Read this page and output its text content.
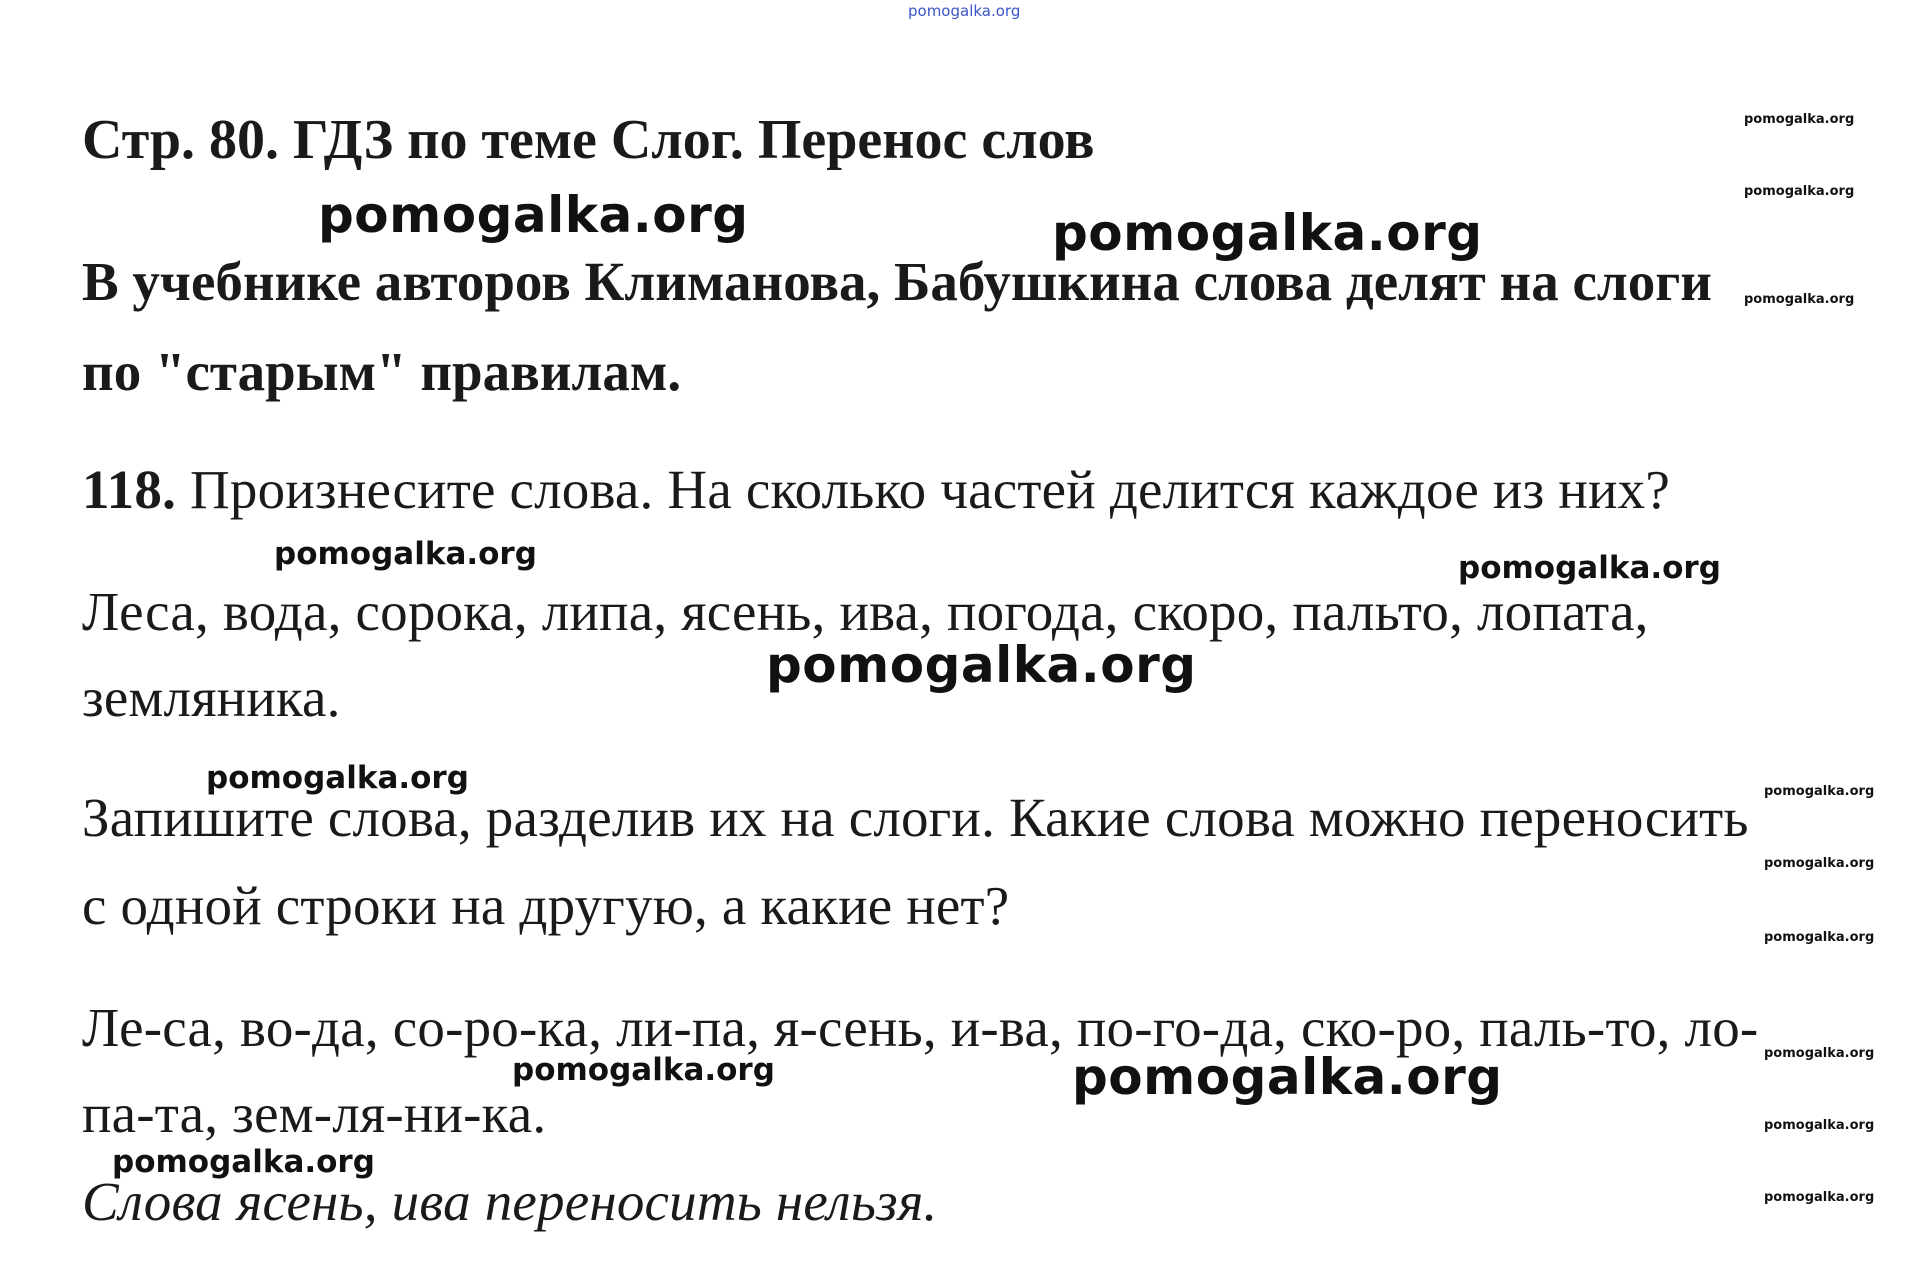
pomogalka.org
Стр. 80. ГДЗ по теме Слог. Перенос слов
В учебнике авторов Климанова, Бабушкина слова делят на слоги
по "старым" правилам.
118. Произнесите слова. На сколько частей делится каждое из них?
Леса, вода, сорока, липа, ясень, ива, погода, скоро, пальто, лопата,
земляника.
Запишите слова, разделив их на слоги. Какие слова можно переносить
с одной строки на другую, а какие нет?
Ле-са, во-да, со-ро-ка, ли-па, я-сень, и-ва, по-го-да, ско-ро, паль-то, ло-
па-та, зем-ля-ни-ка.
Слова ясень, ива переносить нельзя.
pomogalka.org	pomogalka.org
pomogalka.org
pomogalka.org
pomogalka.org	pomogalka.org
pomogalka.org
pomogalka.org
pomogalka.org
pomogalka.org
pomogalka.org
pomogalka.org
pomogalka.org
pomogalka.org
pomogalka.org
pomogalka.org
pomogalka.org
pomogalka.org
